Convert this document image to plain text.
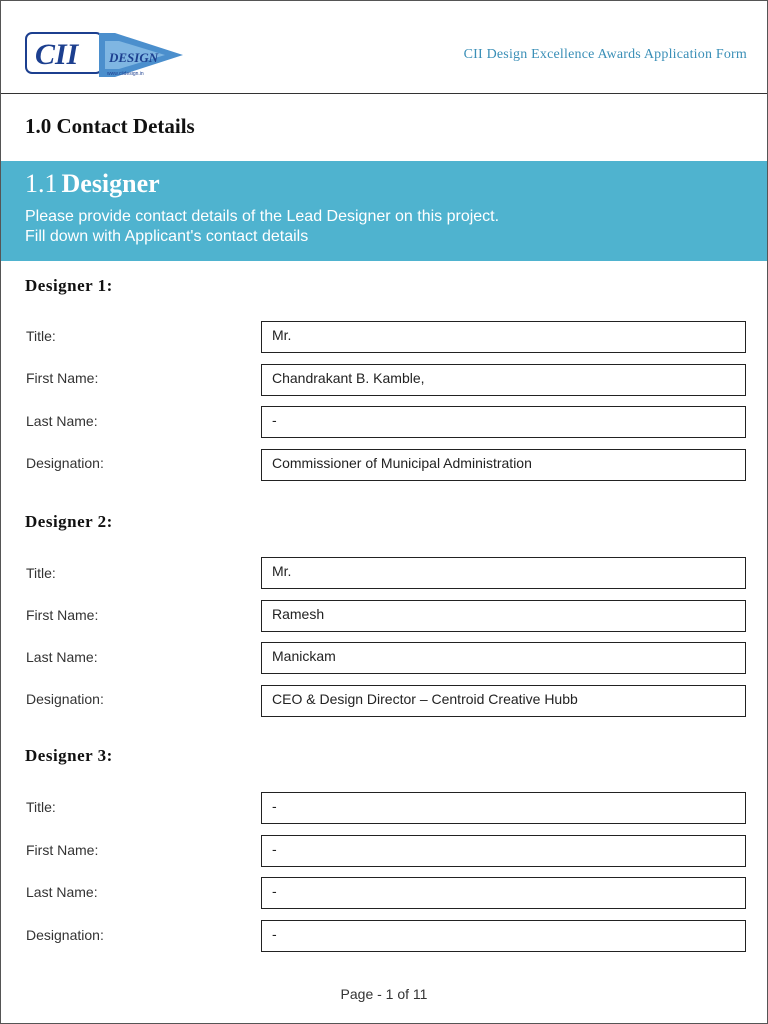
CII DESIGN
www.ciidesign.in
CII Design Excellence Awards Application Form
1.0 Contact Details
1.1 Designer
Please provide contact details of the Lead Designer on this project.
Fill down with Applicant's contact details
Designer 1:
Title:	Mr.
First Name:	Chandrakant B. Kamble,
Last Name:	-
Designation:	Commissioner of Municipal Administration
Designer 2:
Title:	Mr.
First Name:	Ramesh
Last Name:	Manickam
Designation:	CEO & Design Director – Centroid Creative Hubb
Designer 3:
Title:	-
First Name:	-
Last Name:	-
Designation:	-
Page - 1 of 11
